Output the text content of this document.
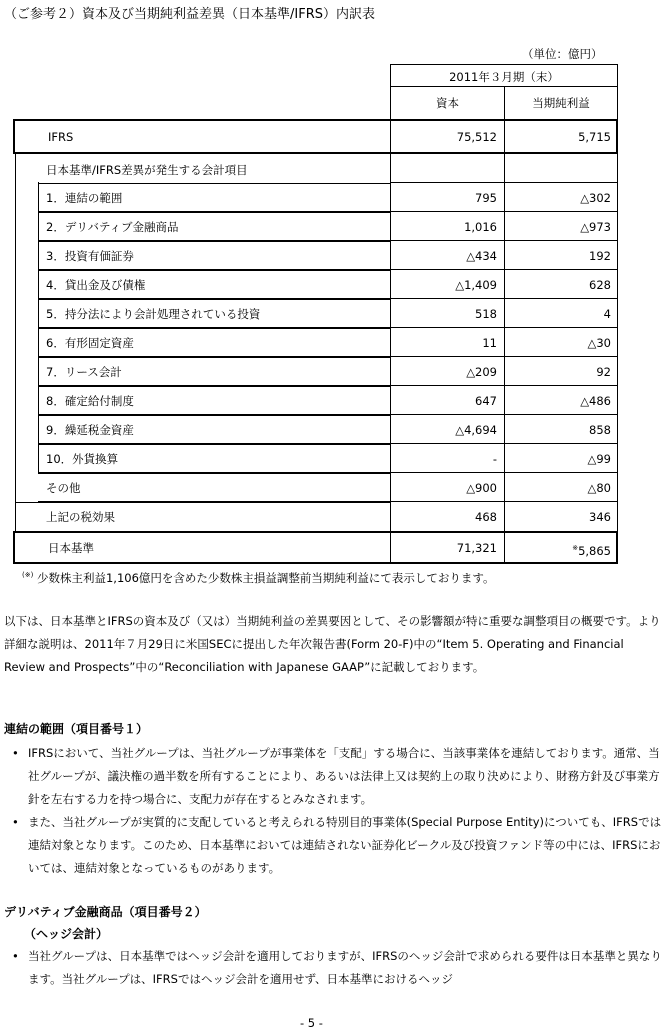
（ご参考２）資本及び当期純利益差異（日本基準/IFRS）内訳表
（単位：億円）
2011年３月期（末）
資本	当期純利益
IFRS	75,512	5,715
日本基準/IFRS差異が発生する会計項目
1．連結の範囲	795	△302
2．デリバティブ金融商品	1,016	△973
3．投資有価証券	△434	192
4．貸出金及び債権	△1,409	628
5．持分法により会計処理されている投資	518	4
6．有形固定資産	11	△30
7．リース会計	△209	92
8．確定給付制度	647	△486
9．繰延税金資産	△4,694	858
10．外貨換算	-	△99
その他	△900	△80
上記の税効果	468	346
日本基準	71,321	※5,865
(※) 少数株主利益1,106億円を含めた少数株主損益調整前当期純利益にて表示しております。
以下は、日本基準とIFRSの資本及び（又は）当期純利益の差異要因として、その影響額が特に重要な調整項目の概要です。より詳細な説明は、2011年７月29日に米国SECに提出した年次報告書(Form 20-F)中の“Item 5. Operating and Financial Review and Prospects”中の“Reconciliation with Japanese GAAP”に記載しております。
連結の範囲（項目番号１）
• IFRSにおいて、当社グループは、当社グループが事業体を「支配」する場合に、当該事業体を連結しております。通常、当社グループが、議決権の過半数を所有することにより、あるいは法律上又は契約上の取り決めにより、財務方針及び事業方針を左右する力を持つ場合に、支配力が存在するとみなされます。
• また、当社グループが実質的に支配していると考えられる特別目的事業体(Special Purpose Entity)についても、IFRSでは連結対象となります。このため、日本基準においては連結されない証券化ビークル及び投資ファンド等の中には、IFRSにおいては、連結対象となっているものがあります。
デリバティブ金融商品（項目番号２）
（ヘッジ会計）
• 当社グループは、日本基準ではヘッジ会計を適用しておりますが、IFRSのヘッジ会計で求められる要件は日本基準と異なります。当社グループは、IFRSではヘッジ会計を適用せず、日本基準におけるヘッジ
- 5 -
